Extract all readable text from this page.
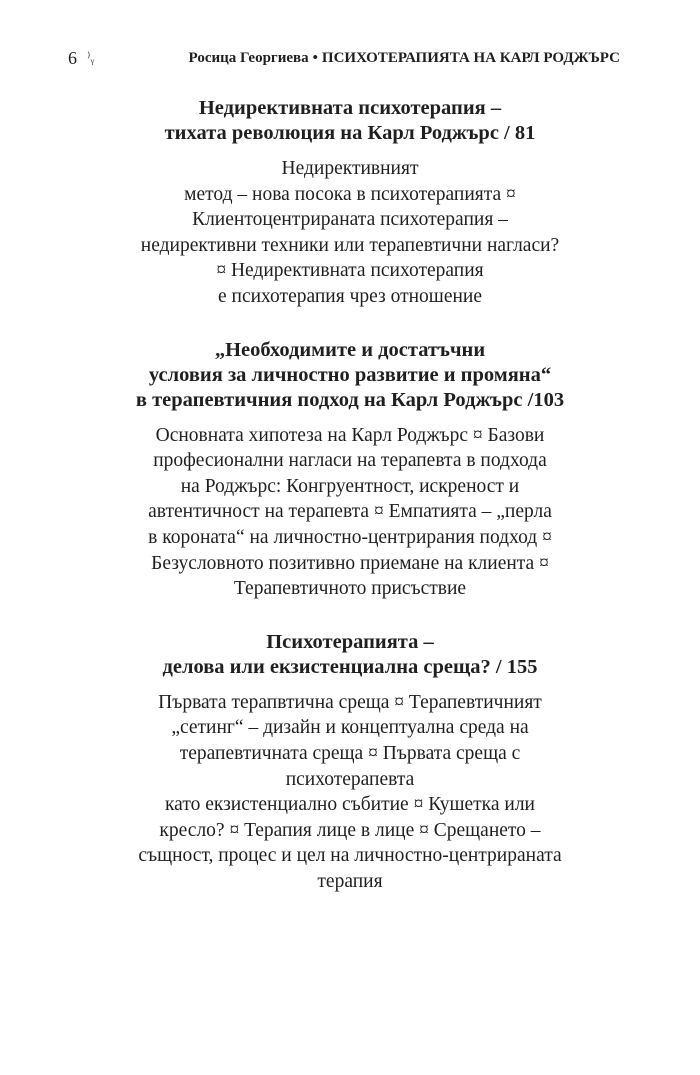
6 ⁾ᵧ	Росица Георгиева • ПСИХОТЕРАПИЯТА НА КАРЛ РОДЖЪРС
Недирективната психотерапия –
тихата революция на Карл Роджърс / 81

Недирективният
метод – нова посока в психотерапията ¤
Клиентоцентрираната психотерапия –
недирективни техники или терапевтични нагласи?
¤ Недирективната психотерапия
е психотерапия чрез отношение

„Необходимите и достатъчни
условия за личностно развитие и промяна“
в терапевтичния подход на Карл Роджърс /103

Основната хипотеза на Карл Роджърс ¤ Базови
професионални нагласи на терапевта в подхода
на Роджърс: Конгруентност, искреност и
автентичност на терапевта ¤ Емпатията – „перла
в короната“ на личностно-центрирания подход ¤
Безусловното позитивно приемане на клиента ¤
Терапевтичното присъствие

Психотерапията –
делова или екзистенциална среща? / 155

Първата терапвтична среща ¤ Терапевтичният
„сетинг“ – дизайн и концептуална среда на
терапевтичната среща ¤ Първата среща с
психотерапевта
като екзистенциално събитие ¤ Кушетка или
кресло? ¤ Терапия лице в лице ¤ Срещането –
същност, процес и цел на личностно-центрираната
терапия
